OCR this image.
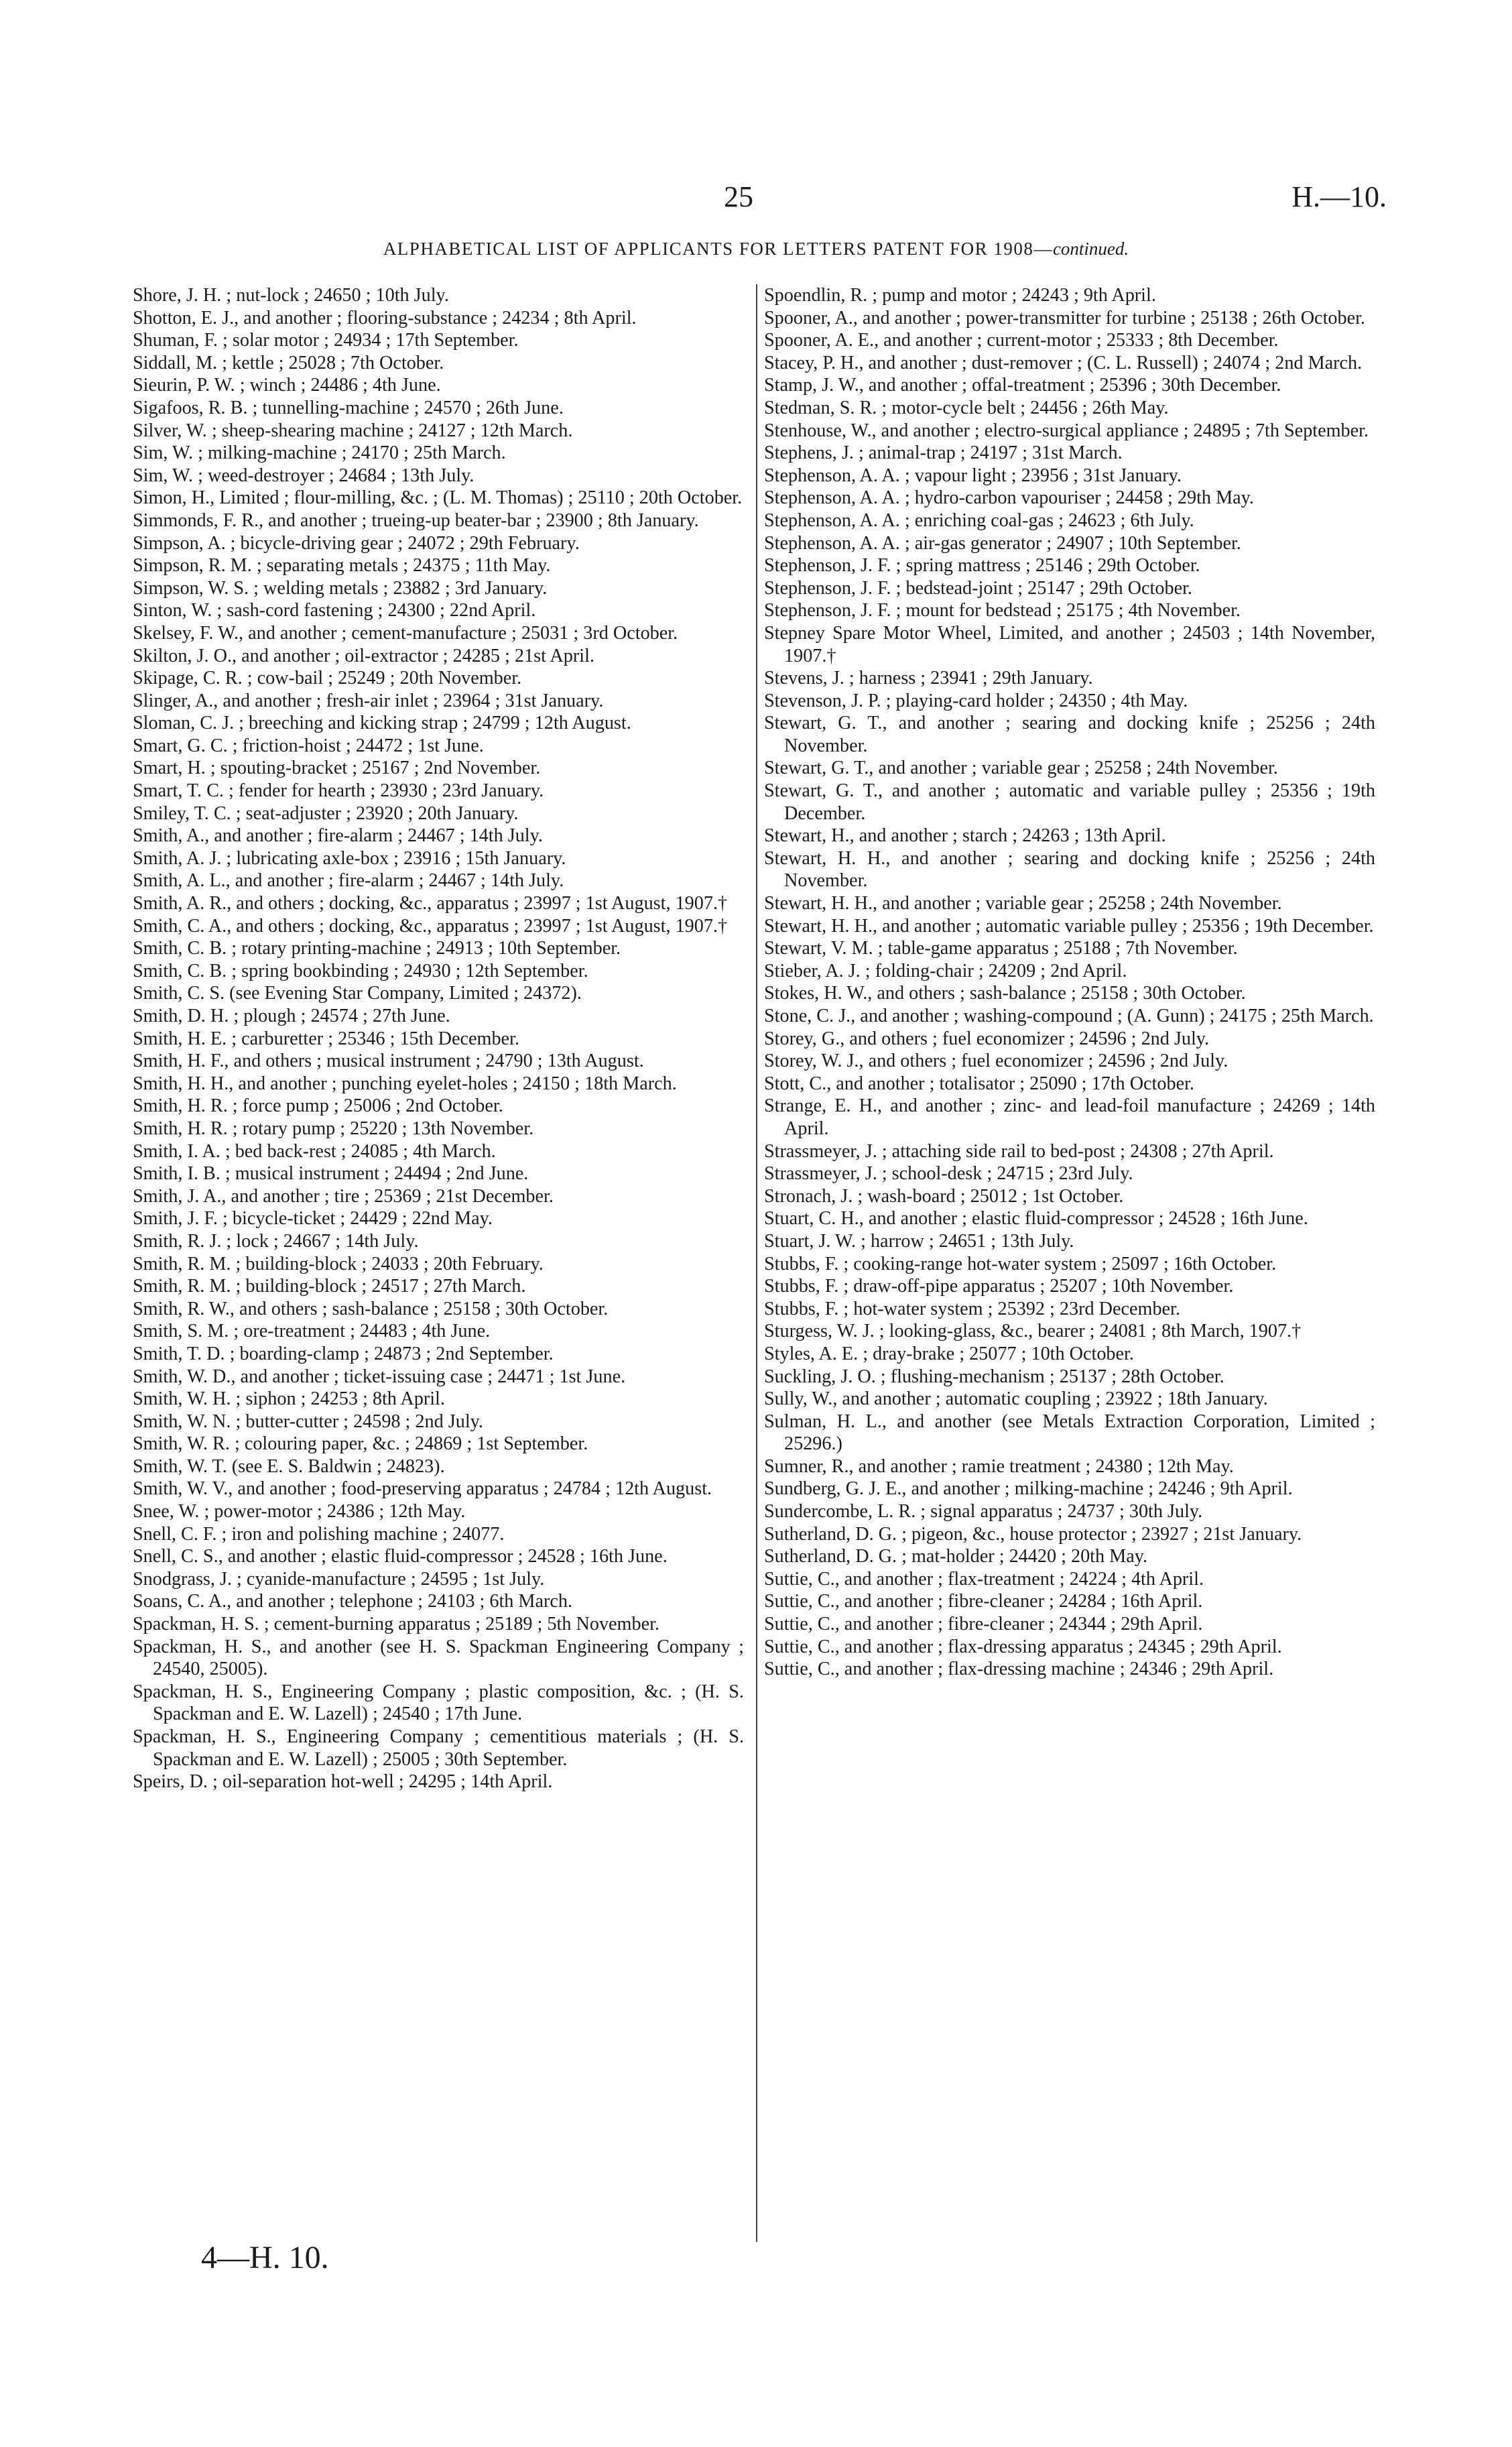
25	H.—10.
ALPHABETICAL LIST OF APPLICANTS FOR LETTERS PATENT FOR 1908—continued.

Shore, J. H. ; nut-lock ; 24650 ; 10th July.

Shotton, E. J., and another ; flooring-substance ; 24234 ; 8th April.

Shuman, F. ; solar motor ; 24934 ; 17th September.

Siddall, M. ; kettle ; 25028 ; 7th October.

Sieurin, P. W. ; winch ; 24486 ; 4th June.

Sigafoos, R. B. ; tunnelling-machine ; 24570 ; 26th June.

Silver, W. ; sheep-shearing machine ; 24127 ; 12th March.

Sim, W. ; milking-machine ; 24170 ; 25th March.

Sim, W. ; weed-destroyer ; 24684 ; 13th July.

Simon, H., Limited ; flour-milling, &c. ; (L. M. Thomas) ; 25110 ; 20th October.

Simmonds, F. R., and another ; trueing-up beater-bar ; 23900 ; 8th January.

Simpson, A. ; bicycle-driving gear ; 24072 ; 29th February.

Simpson, R. M. ; separating metals ; 24375 ; 11th May.

Simpson, W. S. ; welding metals ; 23882 ; 3rd January.

Sinton, W. ; sash-cord fastening ; 24300 ; 22nd April.

Skelsey, F. W., and another ; cement-manufacture ; 25031 ; 3rd October.

Skilton, J. O., and another ; oil-extractor ; 24285 ; 21st April.

Skipage, C. R. ; cow-bail ; 25249 ; 20th November.

Slinger, A., and another ; fresh-air inlet ; 23964 ; 31st January.

Sloman, C. J. ; breeching and kicking strap ; 24799 ; 12th August.

Smart, G. C. ; friction-hoist ; 24472 ; 1st June.

Smart, H. ; spouting-bracket ; 25167 ; 2nd November.

Smart, T. C. ; fender for hearth ; 23930 ; 23rd January.

Smiley, T. C. ; seat-adjuster ; 23920 ; 20th January.

Smith, A., and another ; fire-alarm ; 24467 ; 14th July.

Smith, A. J. ; lubricating axle-box ; 23916 ; 15th January.

Smith, A. L., and another ; fire-alarm ; 24467 ; 14th July.

Smith, A. R., and others ; docking, &c., apparatus ; 23997 ; 1st August, 1907.†

Smith, C. A., and others ; docking, &c., apparatus ; 23997 ; 1st August, 1907.†

Smith, C. B. ; rotary printing-machine ; 24913 ; 10th September.

Smith, C. B. ; spring bookbinding ; 24930 ; 12th September.

Smith, C. S. (see Evening Star Company, Limited ; 24372).

Smith, D. H. ; plough ; 24574 ; 27th June.

Smith, H. E. ; carburetter ; 25346 ; 15th December.

Smith, H. F., and others ; musical instrument ; 24790 ; 13th August.

Smith, H. H., and another ; punching eyelet-holes ; 24150 ; 18th March.

Smith, H. R. ; force pump ; 25006 ; 2nd October.

Smith, H. R. ; rotary pump ; 25220 ; 13th November.

Smith, I. A. ; bed back-rest ; 24085 ; 4th March.

Smith, I. B. ; musical instrument ; 24494 ; 2nd June.

Smith, J. A., and another ; tire ; 25369 ; 21st December.

Smith, J. F. ; bicycle-ticket ; 24429 ; 22nd May.

Smith, R. J. ; lock ; 24667 ; 14th July.

Smith, R. M. ; building-block ; 24033 ; 20th February.

Smith, R. M. ; building-block ; 24517 ; 27th March.

Smith, R. W., and others ; sash-balance ; 25158 ; 30th October.

Smith, S. M. ; ore-treatment ; 24483 ; 4th June.

Smith, T. D. ; boarding-clamp ; 24873 ; 2nd September.

Smith, W. D., and another ; ticket-issuing case ; 24471 ; 1st June.

Smith, W. H. ; siphon ; 24253 ; 8th April.

Smith, W. N. ; butter-cutter ; 24598 ; 2nd July.

Smith, W. R. ; colouring paper, &c. ; 24869 ; 1st September.

Smith, W. T. (see E. S. Baldwin ; 24823).

Smith, W. V., and another ; food-preserving apparatus ; 24784 ; 12th August.

Snee, W. ; power-motor ; 24386 ; 12th May.

Snell, C. F. ; iron and polishing machine ; 24077.

Snell, C. S., and another ; elastic fluid-compressor ; 24528 ; 16th June.

Snodgrass, J. ; cyanide-manufacture ; 24595 ; 1st July.

Soans, C. A., and another ; telephone ; 24103 ; 6th March.

Spackman, H. S. ; cement-burning apparatus ; 25189 ; 5th November.

Spackman, H. S., and another (see H. S. Spackman Engineering Company ; 24540, 25005).

Spackman, H. S., Engineering Company ; plastic composition, &c. ; (H. S. Spackman and E. W. Lazell) ; 24540 ; 17th June.

Spackman, H. S., Engineering Company ; cementitious materials ; (H. S. Spackman and E. W. Lazell) ; 25005 ; 30th September.

Speirs, D. ; oil-separation hot-well ; 24295 ; 14th April.

Spoendlin, R. ; pump and motor ; 24243 ; 9th April.

Spooner, A., and another ; power-transmitter for turbine ; 25138 ; 26th October.

Spooner, A. E., and another ; current-motor ; 25333 ; 8th December.

Stacey, P. H., and another ; dust-remover ; (C. L. Russell) ; 24074 ; 2nd March.

Stamp, J. W., and another ; offal-treatment ; 25396 ; 30th December.

Stedman, S. R. ; motor-cycle belt ; 24456 ; 26th May.

Stenhouse, W., and another ; electro-surgical appliance ; 24895 ; 7th September.

Stephens, J. ; animal-trap ; 24197 ; 31st March.

Stephenson, A. A. ; vapour light ; 23956 ; 31st January.

Stephenson, A. A. ; hydro-carbon vapouriser ; 24458 ; 29th May.

Stephenson, A. A. ; enriching coal-gas ; 24623 ; 6th July.

Stephenson, A. A. ; air-gas generator ; 24907 ; 10th September.

Stephenson, J. F. ; spring mattress ; 25146 ; 29th October.

Stephenson, J. F. ; bedstead-joint ; 25147 ; 29th October.

Stephenson, J. F. ; mount for bedstead ; 25175 ; 4th November.

Stepney Spare Motor Wheel, Limited, and another ; 24503 ; 14th November, 1907.†

Stevens, J. ; harness ; 23941 ; 29th January.

Stevenson, J. P. ; playing-card holder ; 24350 ; 4th May.

Stewart, G. T., and another ; searing and docking knife ; 25256 ; 24th November.

Stewart, G. T., and another ; variable gear ; 25258 ; 24th November.

Stewart, G. T., and another ; automatic and variable pulley ; 25356 ; 19th December.

Stewart, H., and another ; starch ; 24263 ; 13th April.

Stewart, H. H., and another ; searing and docking knife ; 25256 ; 24th November.

Stewart, H. H., and another ; variable gear ; 25258 ; 24th November.

Stewart, H. H., and another ; automatic variable pulley ; 25356 ; 19th December.

Stewart, V. M. ; table-game apparatus ; 25188 ; 7th November.

Stieber, A. J. ; folding-chair ; 24209 ; 2nd April.

Stokes, H. W., and others ; sash-balance ; 25158 ; 30th October.

Stone, C. J., and another ; washing-compound ; (A. Gunn) ; 24175 ; 25th March.

Storey, G., and others ; fuel economizer ; 24596 ; 2nd July.

Storey, W. J., and others ; fuel economizer ; 24596 ; 2nd July.

Stott, C., and another ; totalisator ; 25090 ; 17th October.

Strange, E. H., and another ; zinc- and lead-foil manufacture ; 24269 ; 14th April.

Strassmeyer, J. ; attaching side rail to bed-post ; 24308 ; 27th April.

Strassmeyer, J. ; school-desk ; 24715 ; 23rd July.

Stronach, J. ; wash-board ; 25012 ; 1st October.

Stuart, C. H., and another ; elastic fluid-compressor ; 24528 ; 16th June.

Stuart, J. W. ; harrow ; 24651 ; 13th July.

Stubbs, F. ; cooking-range hot-water system ; 25097 ; 16th October.

Stubbs, F. ; draw-off-pipe apparatus ; 25207 ; 10th November.

Stubbs, F. ; hot-water system ; 25392 ; 23rd December.

Sturgess, W. J. ; looking-glass, &c., bearer ; 24081 ; 8th March, 1907.†

Styles, A. E. ; dray-brake ; 25077 ; 10th October.

Suckling, J. O. ; flushing-mechanism ; 25137 ; 28th October.

Sully, W., and another ; automatic coupling ; 23922 ; 18th January.

Sulman, H. L., and another (see Metals Extraction Corporation, Limited ; 25296.)

Sumner, R., and another ; ramie treatment ; 24380 ; 12th May.

Sundberg, G. J. E., and another ; milking-machine ; 24246 ; 9th April.

Sundercombe, L. R. ; signal apparatus ; 24737 ; 30th July.

Sutherland, D. G. ; pigeon, &c., house protector ; 23927 ; 21st January.

Sutherland, D. G. ; mat-holder ; 24420 ; 20th May.

Suttie, C., and another ; flax-treatment ; 24224 ; 4th April.

Suttie, C., and another ; fibre-cleaner ; 24284 ; 16th April.

Suttie, C., and another ; fibre-cleaner ; 24344 ; 29th April.

Suttie, C., and another ; flax-dressing apparatus ; 24345 ; 29th April.

Suttie, C., and another ; flax-dressing machine ; 24346 ; 29th April.

4—H. 10.
